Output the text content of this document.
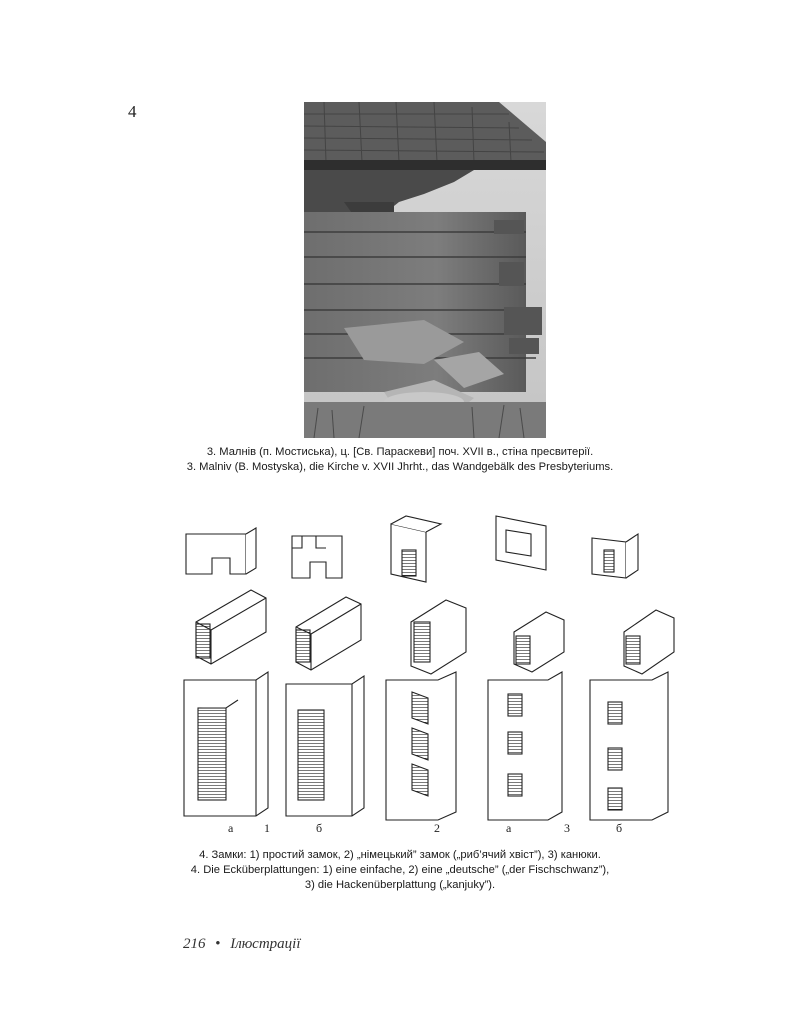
4

3. Малнів (п. Мостиська), ц. [Св. Параскеви] поч. XVII в., стіна пресвитерії.

3. Malniv (B. Mostyska), die Kirche v. XVII Jhrht., das Wandgebälk des Presbyteriums.

а	1	б	2	а	3	б

4. Замки: 1) простий замок, 2) „німецький” замок („риб’ячий хвіст”), 3) канюки.

4. Die Ecküberplattungen: 1) eine einfache, 2) eine „deutsche” („der Fischschwanz”),

3) die Hackenüberplattung („kanjuky”).

216 • Ілюстрації
